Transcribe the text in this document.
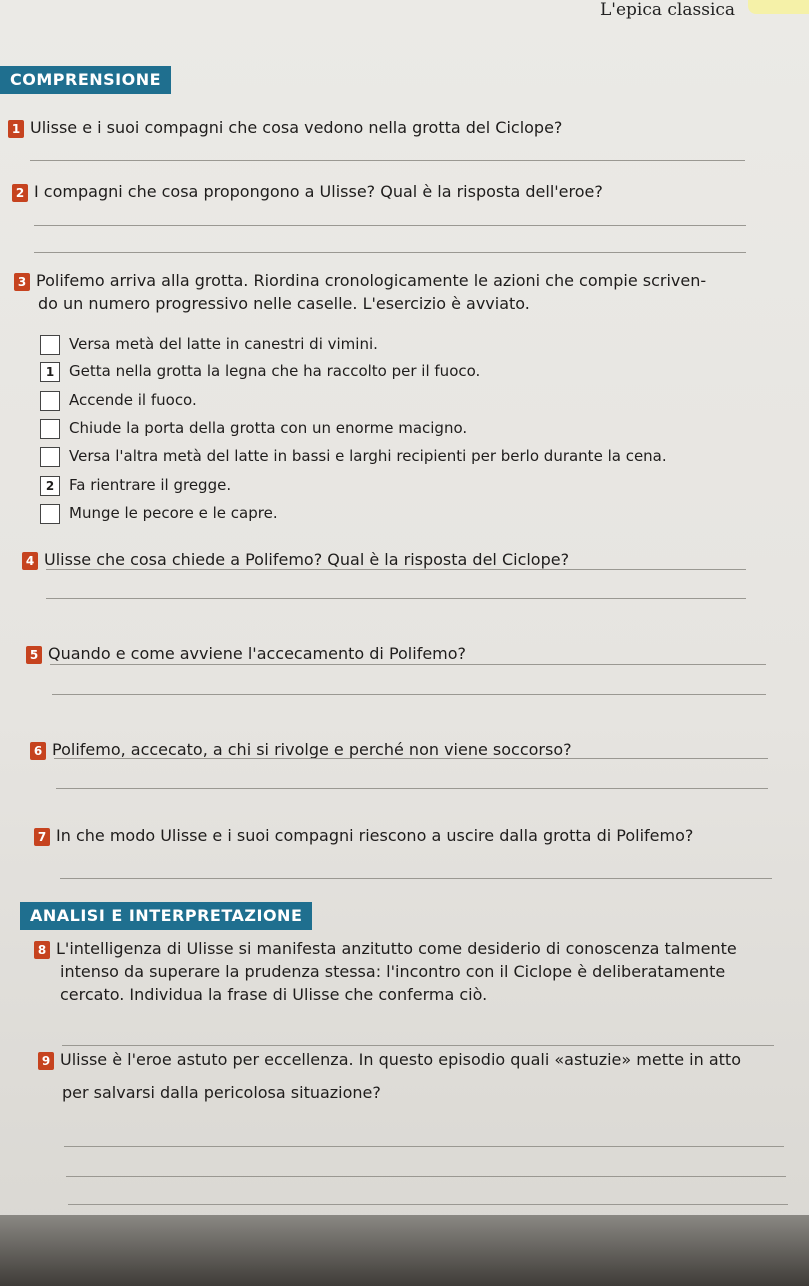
L'epica classica
COMPRENSIONE
1 Ulisse e i suoi compagni che cosa vedono nella grotta del Ciclope?
2 I compagni che cosa propongono a Ulisse? Qual è la risposta dell'eroe?
3 Polifemo arriva alla grotta. Riordina cronologicamente le azioni che compie scriven-
do un numero progressivo nelle caselle. L'esercizio è avviato.
Versa metà del latte in canestri di vimini.
1 Getta nella grotta la legna che ha raccolto per il fuoco.
Accende il fuoco.
Chiude la porta della grotta con un enorme macigno.
Versa l'altra metà del latte in bassi e larghi recipienti per berlo durante la cena.
2 Fa rientrare il gregge.
Munge le pecore e le capre.
4 Ulisse che cosa chiede a Polifemo? Qual è la risposta del Ciclope?
5 Quando e come avviene l'accecamento di Polifemo?
6 Polifemo, accecato, a chi si rivolge e perché non viene soccorso?
7 In che modo Ulisse e i suoi compagni riescono a uscire dalla grotta di Polifemo?
ANALISI E INTERPRETAZIONE
8 L'intelligenza di Ulisse si manifesta anzitutto come desiderio di conoscenza talmente
intenso da superare la prudenza stessa: l'incontro con il Ciclope è deliberatamente
cercato. Individua la frase di Ulisse che conferma ciò.
9 Ulisse è l'eroe astuto per eccellenza. In questo episodio quali «astuzie» mette in atto
per salvarsi dalla pericolosa situazione?
